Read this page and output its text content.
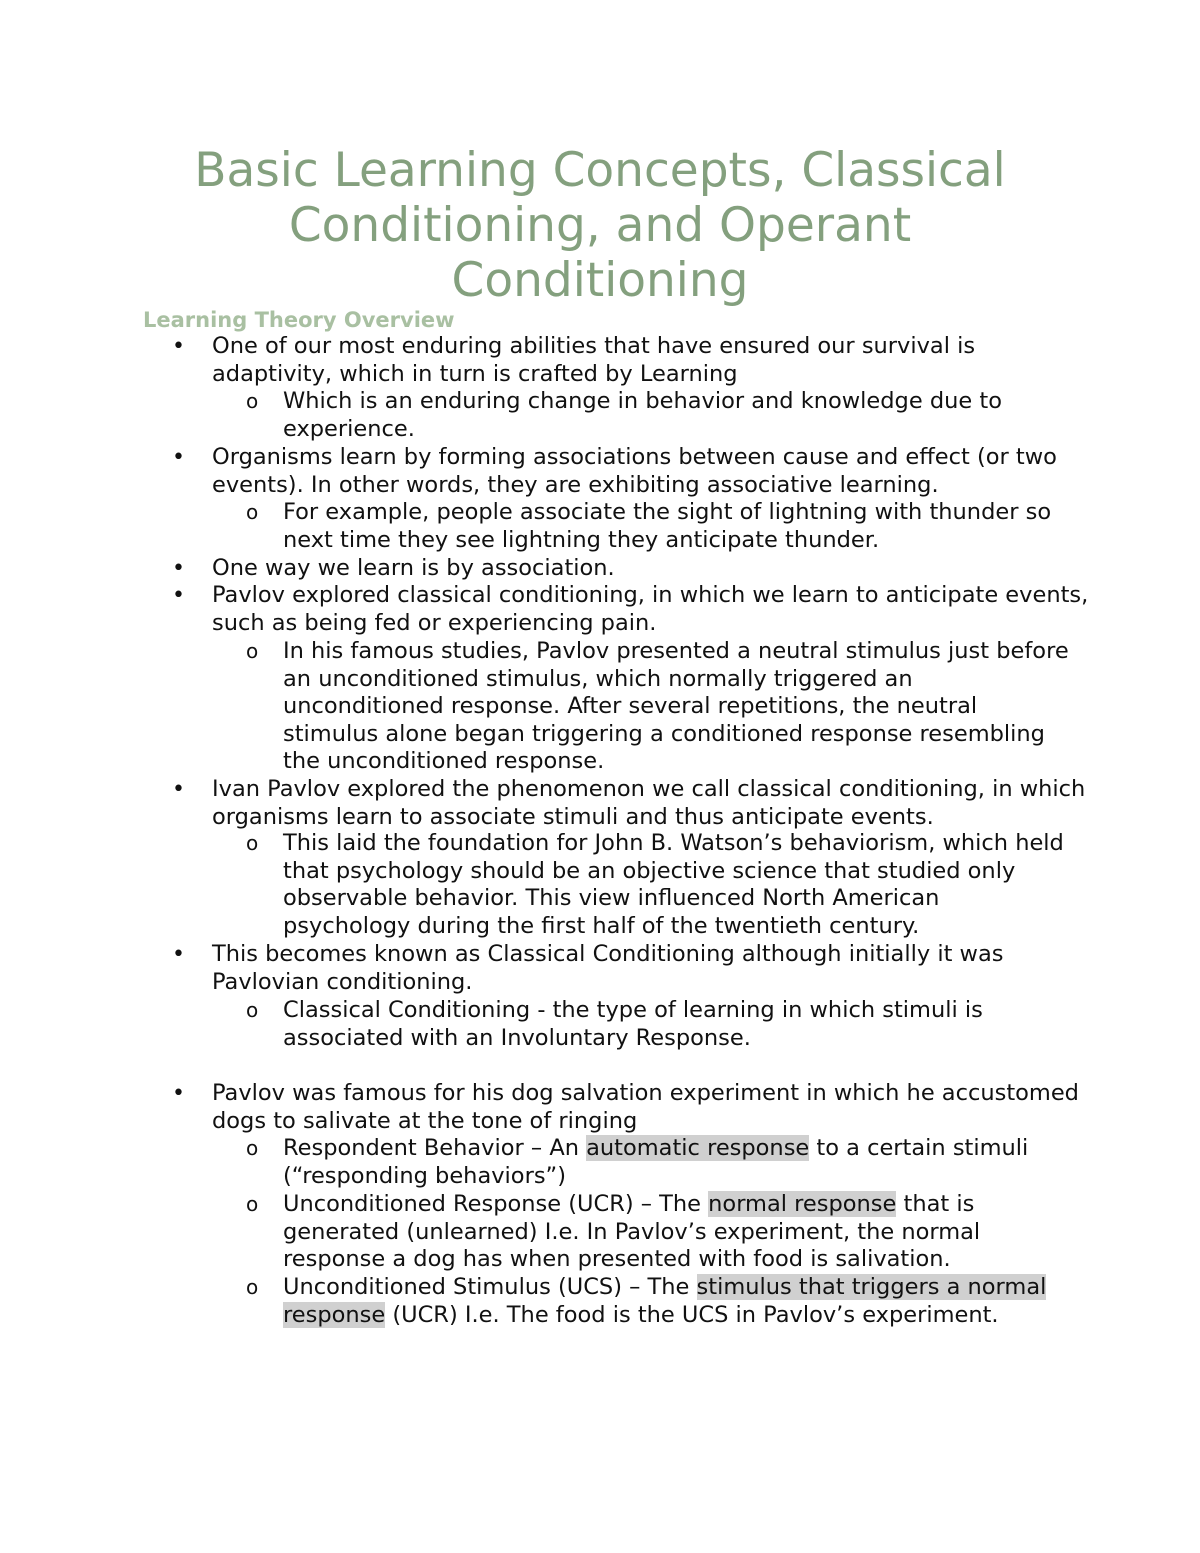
Basic Learning Concepts, Classical Conditioning, and Operant Conditioning
Learning Theory Overview
• One of our most enduring abilities that have ensured our survival is adaptivity, which in turn is crafted by Learning
o Which is an enduring change in behavior and knowledge due to experience.
• Organisms learn by forming associations between cause and effect (or two events). In other words, they are exhibiting associative learning.
o For example, people associate the sight of lightning with thunder so next time they see lightning they anticipate thunder.
• One way we learn is by association.
• Pavlov explored classical conditioning, in which we learn to anticipate events, such as being fed or experiencing pain.
o In his famous studies, Pavlov presented a neutral stimulus just before an unconditioned stimulus, which normally triggered an unconditioned response. After several repetitions, the neutral stimulus alone began triggering a conditioned response resembling the unconditioned response.
• Ivan Pavlov explored the phenomenon we call classical conditioning, in which organisms learn to associate stimuli and thus anticipate events.
o This laid the foundation for John B. Watson’s behaviorism, which held that psychology should be an objective science that studied only observable behavior. This view influenced North American psychology during the first half of the twentieth century.
• This becomes known as Classical Conditioning although initially it was Pavlovian conditioning.
o Classical Conditioning - the type of learning in which stimuli is associated with an Involuntary Response.
• Pavlov was famous for his dog salvation experiment in which he accustomed dogs to salivate at the tone of ringing
o Respondent Behavior – An automatic response to a certain stimuli (“responding behaviors”)
o Unconditioned Response (UCR) – The normal response that is generated (unlearned) I.e. In Pavlov’s experiment, the normal response a dog has when presented with food is salivation.
o Unconditioned Stimulus (UCS) – The stimulus that triggers a normal response (UCR) I.e. The food is the UCS in Pavlov’s experiment.
